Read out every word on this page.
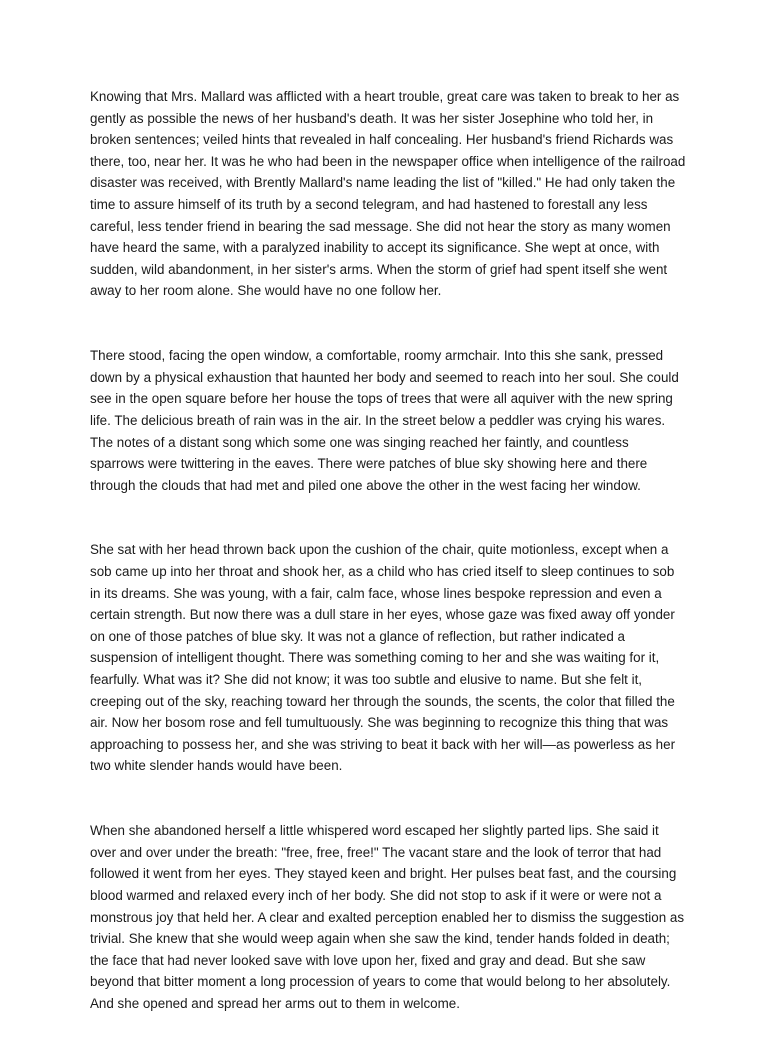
Knowing that Mrs. Mallard was afflicted with a heart trouble, great care was taken to break to her as gently as possible the news of her husband's death. It was her sister Josephine who told her, in broken sentences; veiled hints that revealed in half concealing. Her husband's friend Richards was there, too, near her. It was he who had been in the newspaper office when intelligence of the railroad disaster was received, with Brently Mallard's name leading the list of "killed." He had only taken the time to assure himself of its truth by a second telegram, and had hastened to forestall any less careful, less tender friend in bearing the sad message. She did not hear the story as many women have heard the same, with a paralyzed inability to accept its significance. She wept at once, with sudden, wild abandonment, in her sister's arms. When the storm of grief had spent itself she went away to her room alone. She would have no one follow her.

There stood, facing the open window, a comfortable, roomy armchair. Into this she sank, pressed down by a physical exhaustion that haunted her body and seemed to reach into her soul. She could see in the open square before her house the tops of trees that were all aquiver with the new spring life. The delicious breath of rain was in the air. In the street below a peddler was crying his wares. The notes of a distant song which some one was singing reached her faintly, and countless sparrows were twittering in the eaves. There were patches of blue sky showing here and there through the clouds that had met and piled one above the other in the west facing her window.

She sat with her head thrown back upon the cushion of the chair, quite motionless, except when a sob came up into her throat and shook her, as a child who has cried itself to sleep continues to sob in its dreams. She was young, with a fair, calm face, whose lines bespoke repression and even a certain strength. But now there was a dull stare in her eyes, whose gaze was fixed away off yonder on one of those patches of blue sky. It was not a glance of reflection, but rather indicated a suspension of intelligent thought. There was something coming to her and she was waiting for it, fearfully. What was it? She did not know; it was too subtle and elusive to name. But she felt it, creeping out of the sky, reaching toward her through the sounds, the scents, the color that filled the air. Now her bosom rose and fell tumultuously. She was beginning to recognize this thing that was approaching to possess her, and she was striving to beat it back with her will—as powerless as her two white slender hands would have been.

When she abandoned herself a little whispered word escaped her slightly parted lips. She said it over and over under the breath: "free, free, free!" The vacant stare and the look of terror that had followed it went from her eyes. They stayed keen and bright. Her pulses beat fast, and the coursing blood warmed and relaxed every inch of her body. She did not stop to ask if it were or were not a monstrous joy that held her. A clear and exalted perception enabled her to dismiss the suggestion as trivial. She knew that she would weep again when she saw the kind, tender hands folded in death; the face that had never looked save with love upon her, fixed and gray and dead. But she saw beyond that bitter moment a long procession of years to come that would belong to her absolutely. And she opened and spread her arms out to them in welcome.
